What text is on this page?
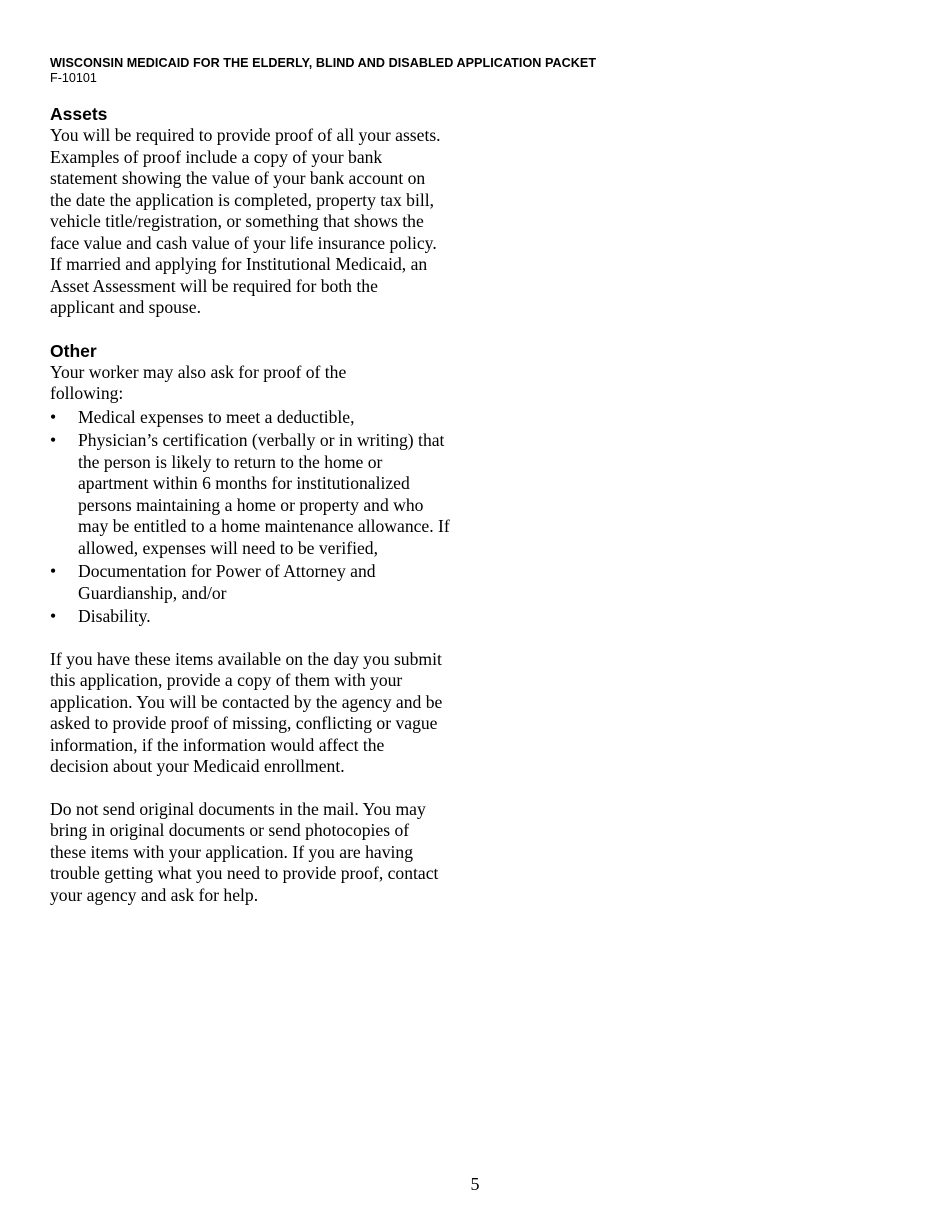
WISCONSIN MEDICAID FOR THE ELDERLY, BLIND AND DISABLED APPLICATION PACKET
F-10101
Assets

You will be required to provide proof of all your assets. Examples of proof include a copy of your bank statement showing the value of your bank account on the date the application is completed, property tax bill, vehicle title/registration, or something that shows the face value and cash value of your life insurance policy. If married and applying for Institutional Medicaid, an Asset Assessment will be required for both the applicant and spouse.

Other

Your worker may also ask for proof of the following:

• Medical expenses to meet a deductible,
• Physician’s certification (verbally or in writing) that the person is likely to return to the home or apartment within 6 months for institutionalized persons maintaining a home or property and who may be entitled to a home maintenance allowance. If allowed, expenses will need to be verified,
• Documentation for Power of Attorney and Guardianship, and/or
• Disability.

If you have these items available on the day you submit this application, provide a copy of them with your application. You will be contacted by the agency and be asked to provide proof of missing, conflicting or vague information, if the information would affect the decision about your Medicaid enrollment.

Do not send original documents in the mail. You may bring in original documents or send photocopies of these items with your application. If you are having trouble getting what you need to provide proof, contact your agency and ask for help.

5
